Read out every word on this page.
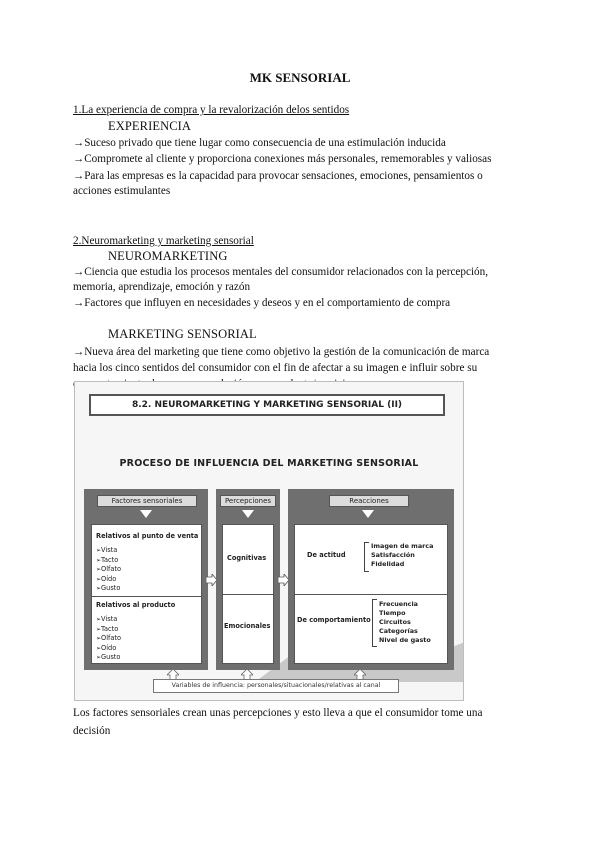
MK SENSORIAL
1.La experiencia de compra y la revalorización delos sentidos
EXPERIENCIA
→Suceso privado que tiene lugar como consecuencia de una estimulación inducida
→Compromete al cliente y proporciona conexiones más personales, rememorables y valiosas
→Para las empresas es la capacidad para provocar sensaciones, emociones, pensamientos o
acciones estimulantes
2.Neuromarketing y marketing sensorial
NEUROMARKETING
→Ciencia que estudia los procesos mentales del consumidor relacionados con la percepción,
memoria, aprendizaje, emoción y razón
→Factores que influyen en necesidades y deseos y en el comportamiento de compra
MARKETING SENSORIAL
→Nueva área del marketing que tiene como objetivo la gestión de la comunicación de marca
hacia los cinco sentidos del consumidor con el fin de afectar a su imagen e influir sobre su
8.2. NEUROMARKETING Y MARKETING SENSORIAL (II)
PROCESO DE INFLUENCIA DEL MARKETING SENSORIAL
Factores sensoriales
Relativos al punto de venta
➢ Vista
➢ Tacto
➢ Olfato
➢ Oído
➢ Gusto
Relativos al producto
➢ Vista
➢ Tacto
➢ Olfato
➢ Oído
➢ Gusto
Percepciones
Cognitivas
Emocionales
Reacciones
De actitud
Imagen de marca
Satisfacción
Fidelidad
De comportamiento
Frecuencia
Tiempo
Circuitos
Categorías
Nivel de gasto
Variables de influencia: personales/situacionales/relativas al canal
Los factores sensoriales crean unas percepciones y esto lleva a que el consumidor tome una
decisión
